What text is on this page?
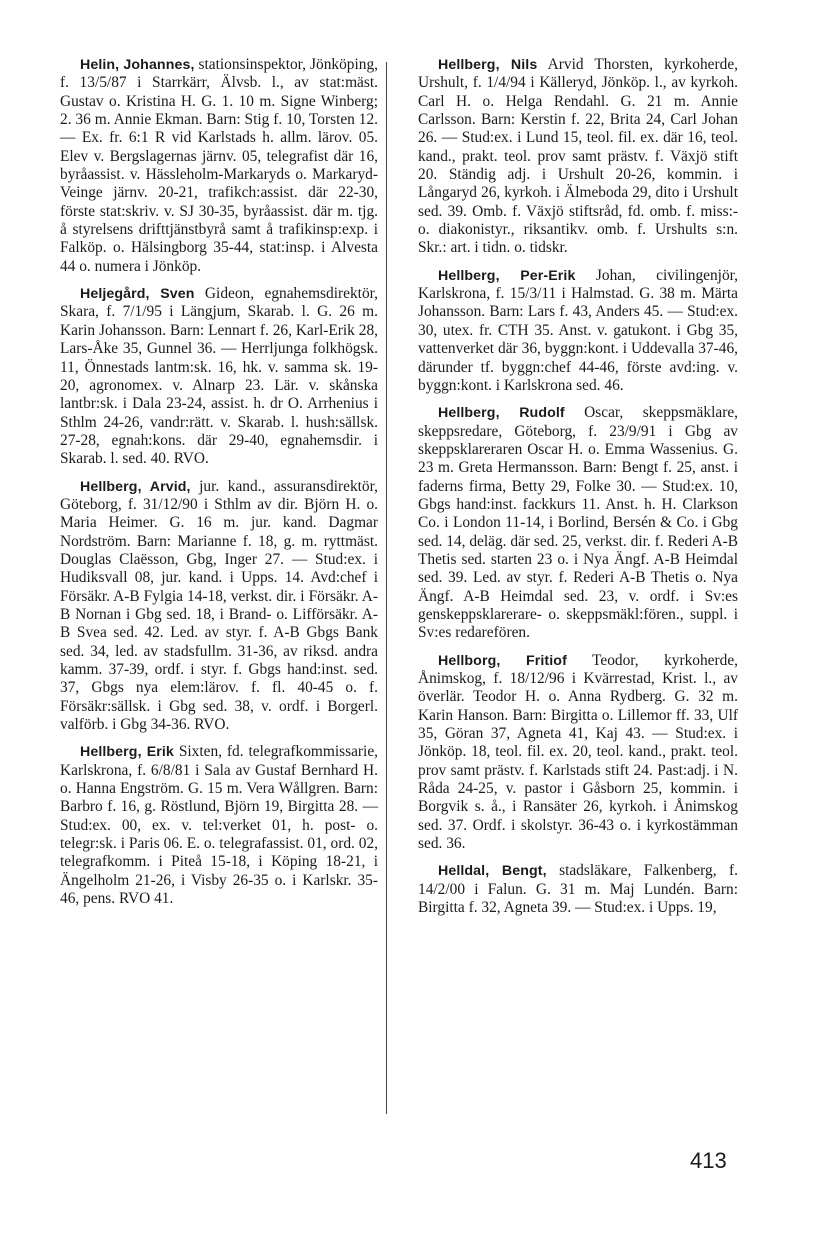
Helin, Johannes, stationsinspektor, Jönköping, f. 13/5/87 i Starrkärr, Älvsb. l., av stat:mäst. Gustav o. Kristina H. G. 1. 10 m. Signe Winberg; 2. 36 m. Annie Ekman. Barn: Stig f. 10, Torsten 12. — Ex. fr. 6:1 R vid Karlstads h. allm. lärov. 05. Elev v. Bergslagernas järnv. 05, telegrafist där 16, byråassist. v. Hässleholm-Markaryds o. Markaryd-Veinge järnv. 20-21, trafikch:assist. där 22-30, förste stat:skriv. v. SJ 30-35, byråassist. där m. tjg. å styrelsens drifttjänstbyrå samt å trafikinsp:exp. i Falköp. o. Hälsingborg 35-44, stat:insp. i Alvesta 44 o. numera i Jönköp.

Heljegård, Sven Gideon, egnahemsdirektör, Skara, f. 7/1/95 i Längjum, Skarab. l. G. 26 m. Karin Johansson. Barn: Lennart f. 26, Karl-Erik 28, Lars-Åke 35, Gunnel 36. — Herrljunga folkhögsk. 11, Önnestads lantm:sk. 16, hk. v. samma sk. 19-20, agronomex. v. Alnarp 23. Lär. v. skånska lantbr:sk. i Dala 23-24, assist. h. dr O. Arrhenius i Sthlm 24-26, vandr:rätt. v. Skarab. l. hush:sällsk. 27-28, egnah:kons. där 29-40, egnahemsdir. i Skarab. l. sed. 40. RVO.

Hellberg, Arvid, jur. kand., assuransdirektör, Göteborg, f. 31/12/90 i Sthlm av dir. Björn H. o. Maria Heimer. G. 16 m. jur. kand. Dagmar Nordström. Barn: Marianne f. 18, g. m. ryttmäst. Douglas Claësson, Gbg, Inger 27. — Stud:ex. i Hudiksvall 08, jur. kand. i Upps. 14. Avd:chef i Försäkr. A-B Fylgia 14-18, verkst. dir. i Försäkr. A-B Nornan i Gbg sed. 18, i Brand- o. Lifförsäkr. A-B Svea sed. 42. Led. av styr. f. A-B Gbgs Bank sed. 34, led. av stadsfullm. 31-36, av riksd. andra kamm. 37-39, ordf. i styr. f. Gbgs hand:inst. sed. 37, Gbgs nya elem:lärov. f. fl. 40-45 o. f. Försäkr:sällsk. i Gbg sed. 38, v. ordf. i Borgerl. valförb. i Gbg 34-36. RVO.

Hellberg, Erik Sixten, fd. telegrafkommissarie, Karlskrona, f. 6/8/81 i Sala av Gustaf Bernhard H. o. Hanna Engström. G. 15 m. Vera Wållgren. Barn: Barbro f. 16, g. Röstlund, Björn 19, Birgitta 28. — Stud:ex. 00, ex. v. tel:verket 01, h. post- o. telegr:sk. i Paris 06. E. o. telegrafassist. 01, ord. 02, telegrafkomm. i Piteå 15-18, i Köping 18-21, i Ängelholm 21-26, i Visby 26-35 o. i Karlskr. 35-46, pens. RVO 41.

Hellberg, Nils Arvid Thorsten, kyrkoherde, Urshult, f. 1/4/94 i Källeryd, Jönköp. l., av kyrkoh. Carl H. o. Helga Rendahl. G. 21 m. Annie Carlsson. Barn: Kerstin f. 22, Brita 24, Carl Johan 26. — Stud:ex. i Lund 15, teol. fil. ex. där 16, teol. kand., prakt. teol. prov samt prästv. f. Växjö stift 20. Ständig adj. i Urshult 20-26, kommin. i Långaryd 26, kyrkoh. i Älmeboda 29, dito i Urshult sed. 39. Omb. f. Växjö stiftsråd, fd. omb. f. miss:- o. diakonistyr., riksantikv. omb. f. Urshults s:n. Skr.: art. i tidn. o. tidskr.

Hellberg, Per-Erik Johan, civilingenjör, Karlskrona, f. 15/3/11 i Halmstad. G. 38 m. Märta Johansson. Barn: Lars f. 43, Anders 45. — Stud:ex. 30, utex. fr. CTH 35. Anst. v. gatukont. i Gbg 35, vattenverket där 36, byggn:kont. i Uddevalla 37-46, därunder tf. byggn:chef 44-46, förste avd:ing. v. byggn:kont. i Karlskrona sed. 46.

Hellberg, Rudolf Oscar, skeppsmäklare, skeppsredare, Göteborg, f. 23/9/91 i Gbg av skeppsklareraren Oscar H. o. Emma Wassenius. G. 23 m. Greta Hermansson. Barn: Bengt f. 25, anst. i faderns firma, Betty 29, Folke 30. — Stud:ex. 10, Gbgs hand:inst. fackkurs 11. Anst. h. H. Clarkson Co. i London 11-14, i Borlind, Bersén & Co. i Gbg sed. 14, deläg. där sed. 25, verkst. dir. f. Rederi A-B Thetis sed. starten 23 o. i Nya Ängf. A-B Heimdal sed. 39. Led. av styr. f. Rederi A-B Thetis o. Nya Ängf. A-B Heimdal sed. 23, v. ordf. i Sv:es genskeppsklarerare- o. skeppsmäkl:fören., suppl. i Sv:es redarefören.

Hellborg, Fritiof Teodor, kyrkoherde, Ånimskog, f. 18/12/96 i Kvärrestad, Krist. l., av överlär. Teodor H. o. Anna Rydberg. G. 32 m. Karin Hanson. Barn: Birgitta o. Lillemor ff. 33, Ulf 35, Göran 37, Agneta 41, Kaj 43. — Stud:ex. i Jönköp. 18, teol. fil. ex. 20, teol. kand., prakt. teol. prov samt prästv. f. Karlstads stift 24. Past:adj. i N. Råda 24-25, v. pastor i Gåsborn 25, kommin. i Borgvik s. å., i Ransäter 26, kyrkoh. i Ånimskog sed. 37. Ordf. i skolstyr. 36-43 o. i kyrkostämman sed. 36.

Helldal, Bengt, stadsläkare, Falkenberg, f. 14/2/00 i Falun. G. 31 m. Maj Lundén. Barn: Birgitta f. 32, Agneta 39. — Stud:ex. i Upps. 19,

413
